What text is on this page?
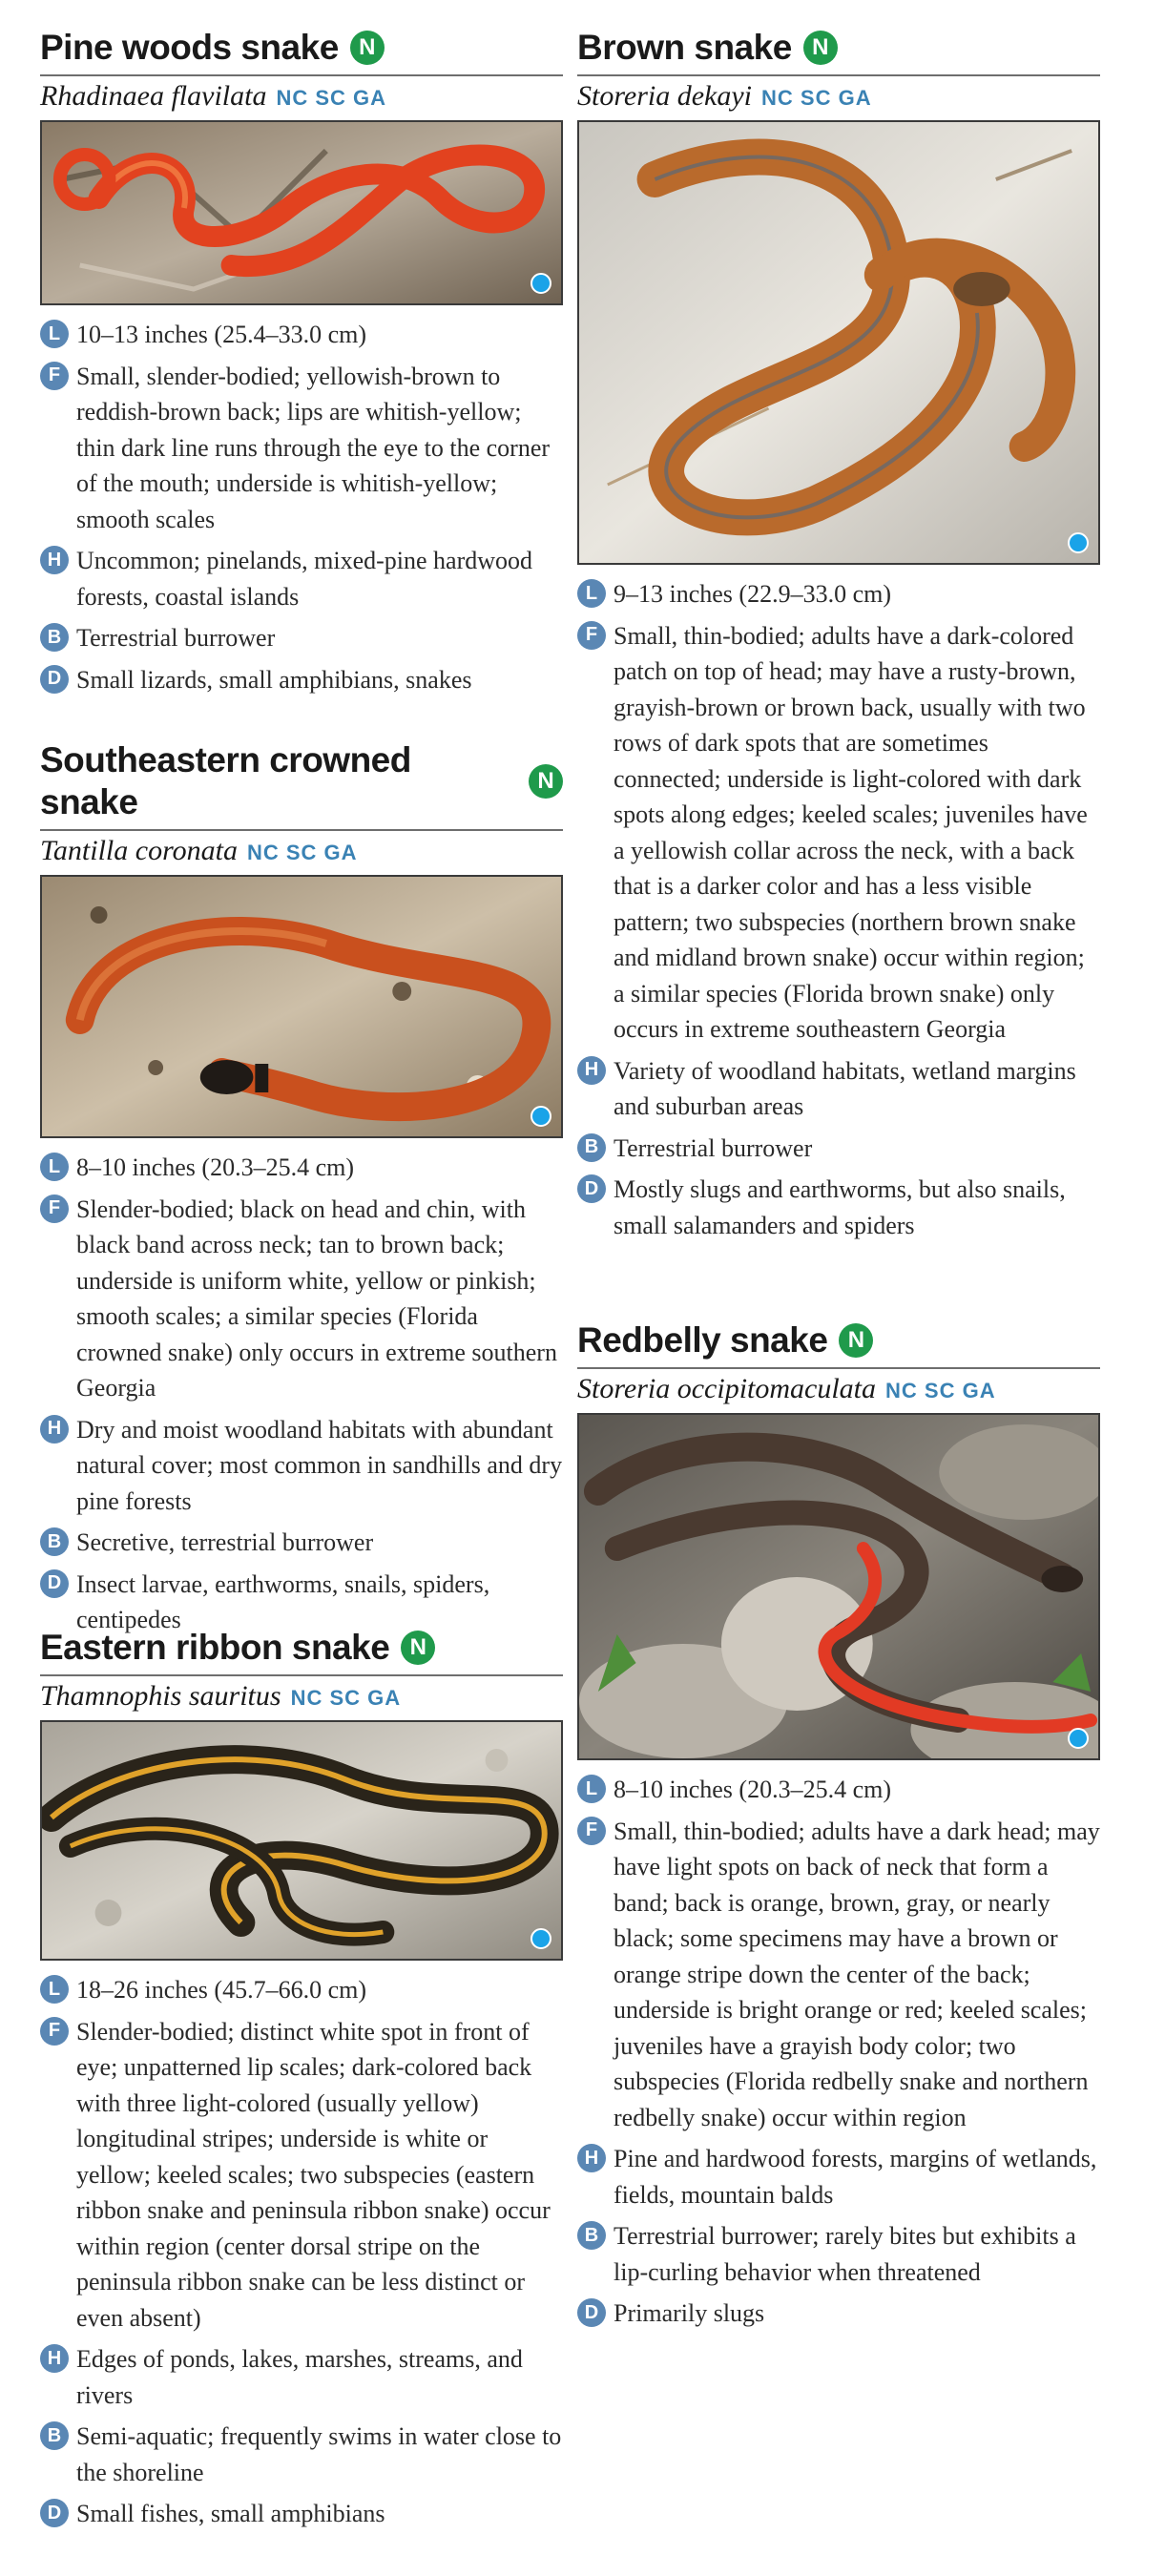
Pine woods snake N
Rhadinaea flavilata NC SC GA
L 10–13 inches (25.4–33.0 cm)
F Small, slender-bodied; yellowish-brown to reddish-brown back; lips are whitish-yellow; thin dark line runs through the eye to the corner of the mouth; underside is whitish-yellow; smooth scales
H Uncommon; pinelands, mixed-pine hardwood forests, coastal islands
B Terrestrial burrower
D Small lizards, small amphibians, snakes
Southeastern crowned snake
N
Tantilla coronata NC SC GA
L 8–10 inches (20.3–25.4 cm)
F Slender-bodied; black on head and chin, with black band across neck; tan to brown back; underside is uniform white, yellow or pinkish; smooth scales; a similar species (Florida crowned snake) only occurs in extreme southern Georgia
H Dry and moist woodland habitats with abundant natural cover; most common in sandhills and dry pine forests
B Secretive, terrestrial burrower
D Insect larvae, earthworms, snails, spiders, centipedes
Eastern ribbon snake N
Thamnophis sauritus NC SC GA
L 18–26 inches (45.7–66.0 cm)
F Slender-bodied; distinct white spot in front of eye; unpatterned lip scales; dark-colored back with three light-colored (usually yellow) longitudinal stripes; underside is white or yellow; keeled scales; two subspecies (eastern ribbon snake and peninsula ribbon snake) occur within region (center dorsal stripe on the peninsula ribbon snake can be less distinct or even absent)
H Edges of ponds, lakes, marshes, streams, and rivers
B Semi-aquatic; frequently swims in water close to the shoreline
D Small fishes, small amphibians
Brown snake N
Storeria dekayi NC SC GA
L 9–13 inches (22.9–33.0 cm)
F Small, thin-bodied; adults have a dark-colored patch on top of head; may have a rusty-brown, grayish-brown or brown back, usually with two rows of dark spots that are sometimes connected; underside is light-colored with dark spots along edges; keeled scales; juveniles have a yellowish collar across the neck, with a back that is a darker color and has a less visible pattern; two subspecies (northern brown snake and midland brown snake) occur within region; a similar species (Florida brown snake) only occurs in extreme southeastern Georgia
H Variety of woodland habitats, wetland margins and suburban areas
B Terrestrial burrower
D Mostly slugs and earthworms, but also snails, small salamanders and spiders
Redbelly snake N
Storeria occipitomaculata NC SC GA
L 8–10 inches (20.3–25.4 cm)
F Small, thin-bodied; adults have a dark head; may have light spots on back of neck that form a band; back is orange, brown, gray, or nearly black; some specimens may have a brown or orange stripe down the center of the back; underside is bright orange or red; keeled scales; juveniles have a grayish body color; two subspecies (Florida redbelly snake and northern redbelly snake) occur within region
H Pine and hardwood forests, margins of wetlands, fields, mountain balds
B Terrestrial burrower; rarely bites but exhibits a lip-curling behavior when threatened
D Primarily slugs
